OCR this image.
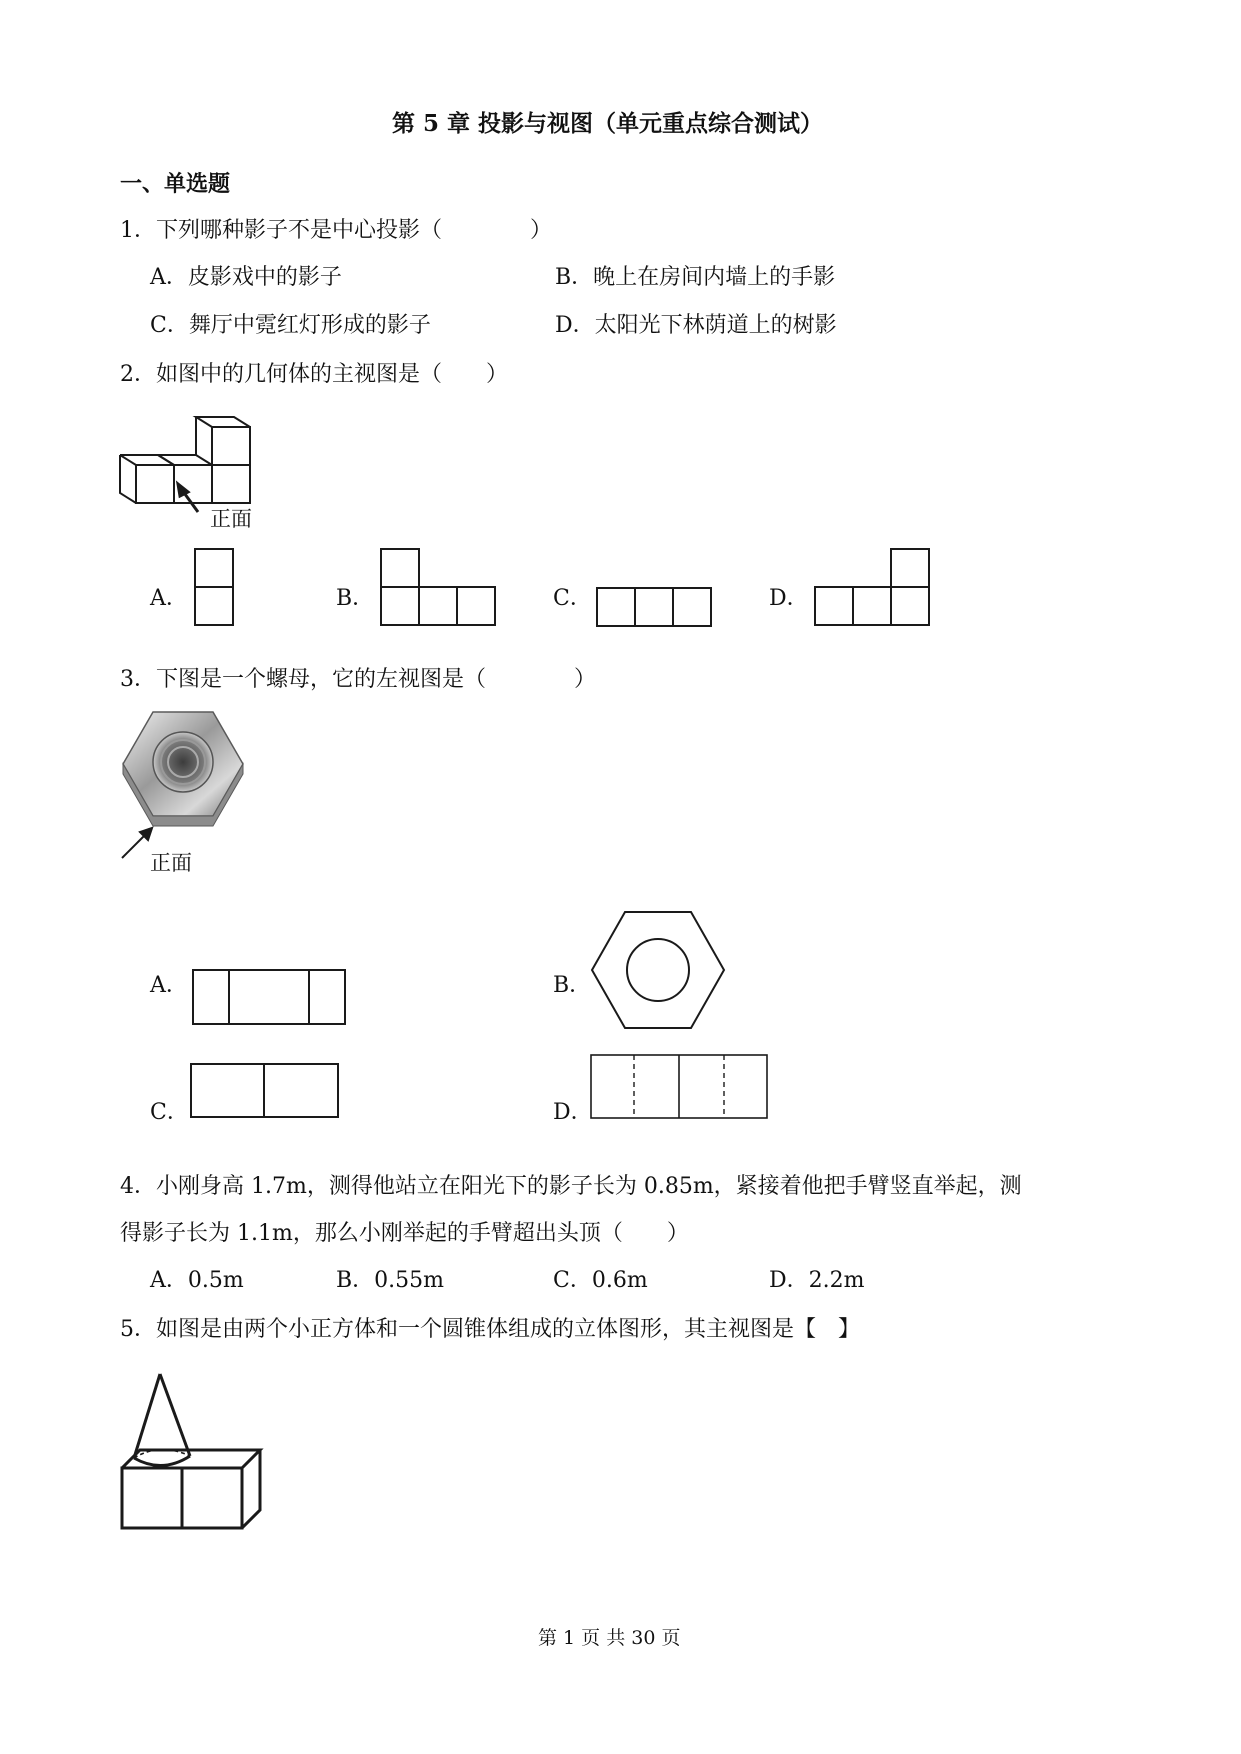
第 5 章 投影与视图（单元重点综合测试）
一、单选题
1．下列哪种影子不是中心投影（　　　　）
A．皮影戏中的影子	B．晚上在房间内墙上的手影
C．舞厅中霓红灯形成的影子	D．太阳光下林荫道上的树影
2．如图中的几何体的主视图是（　　）
正面
A．	B．	C．	D．
3．下图是一个螺母，它的左视图是（　　　　）
正面
A．	B．
C．	D．
4．小刚身高 1.7m，测得他站立在阳光下的影子长为 0.85m，紧接着他把手臂竖直举起，测
得影子长为 1.1m，那么小刚举起的手臂超出头顶（　　）
A．0.5m	B．0.55m	C．0.6m	D．2.2m
5．如图是由两个小正方体和一个圆锥体组成的立体图形，其主视图是【　】
第 1 页 共 30 页
